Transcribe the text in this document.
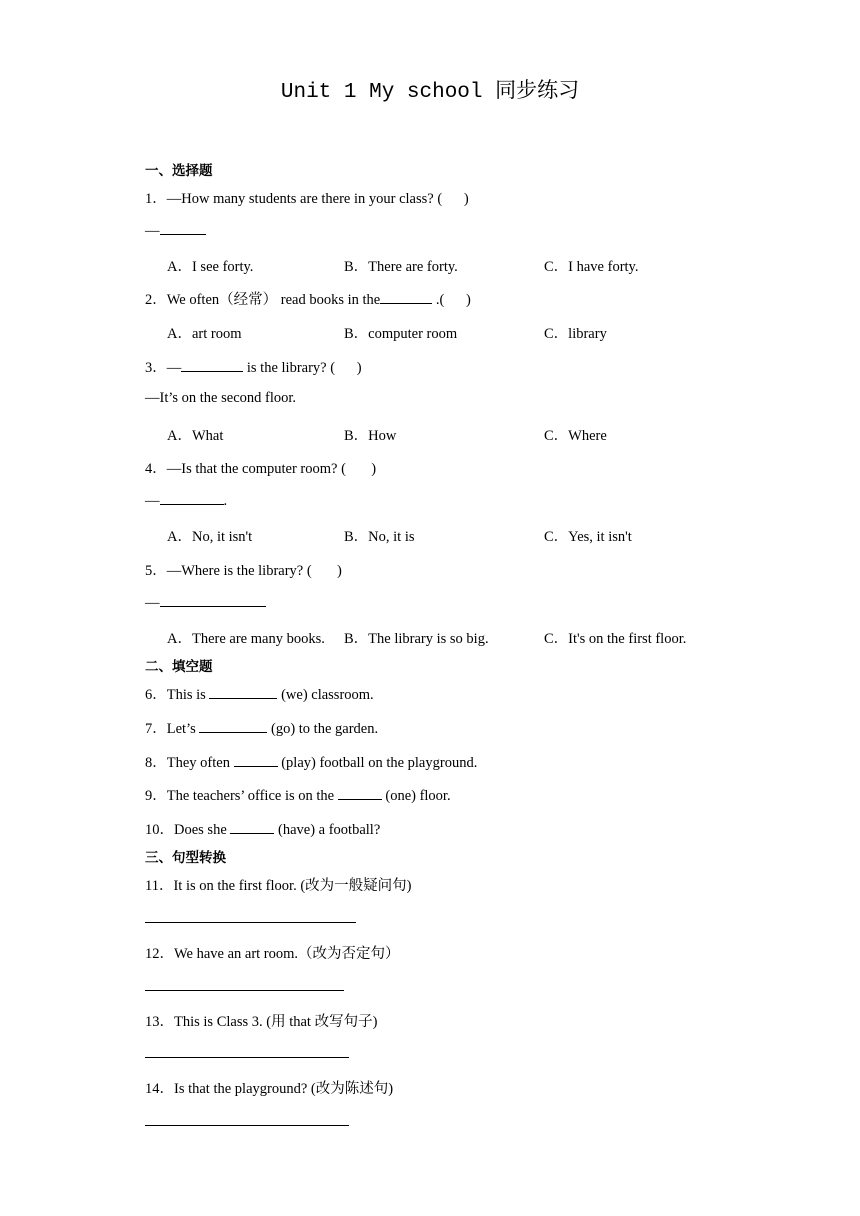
Unit 1 My school 同步练习
一、选择题
1．—How many students are there in your class? (      )
—
A．I see forty.	B．There are forty.	C．I have forty.
2．We often（经常） read books in the	.(      )
A．art room	B．computer room	C．library
3．—	is the library? (      )
—It’s on the second floor.
A．What	B．How	C．Where
4．—Is that the computer room? (       )
—	.
A．No, it isn't	B．No, it is	C．Yes, it isn't
5．—Where is the library? (       )
—
A．There are many books. B．The library is so big.	C．It's on the first floor.
二、填空题
6．This is	(we) classroom.
7．Let’s	(go) to the garden.
8．They often	(play) football on the playground.
9．The teachers’ office is on the	(one) floor.
10．Does she	(have) a football?
三、句型转换
11．It is on the first floor. (改为一般疑问句)
12．We have an art room.（改为否定句）
13．This is Class 3. (用 that 改写句子)
14．Is that the playground? (改为陈述句)
